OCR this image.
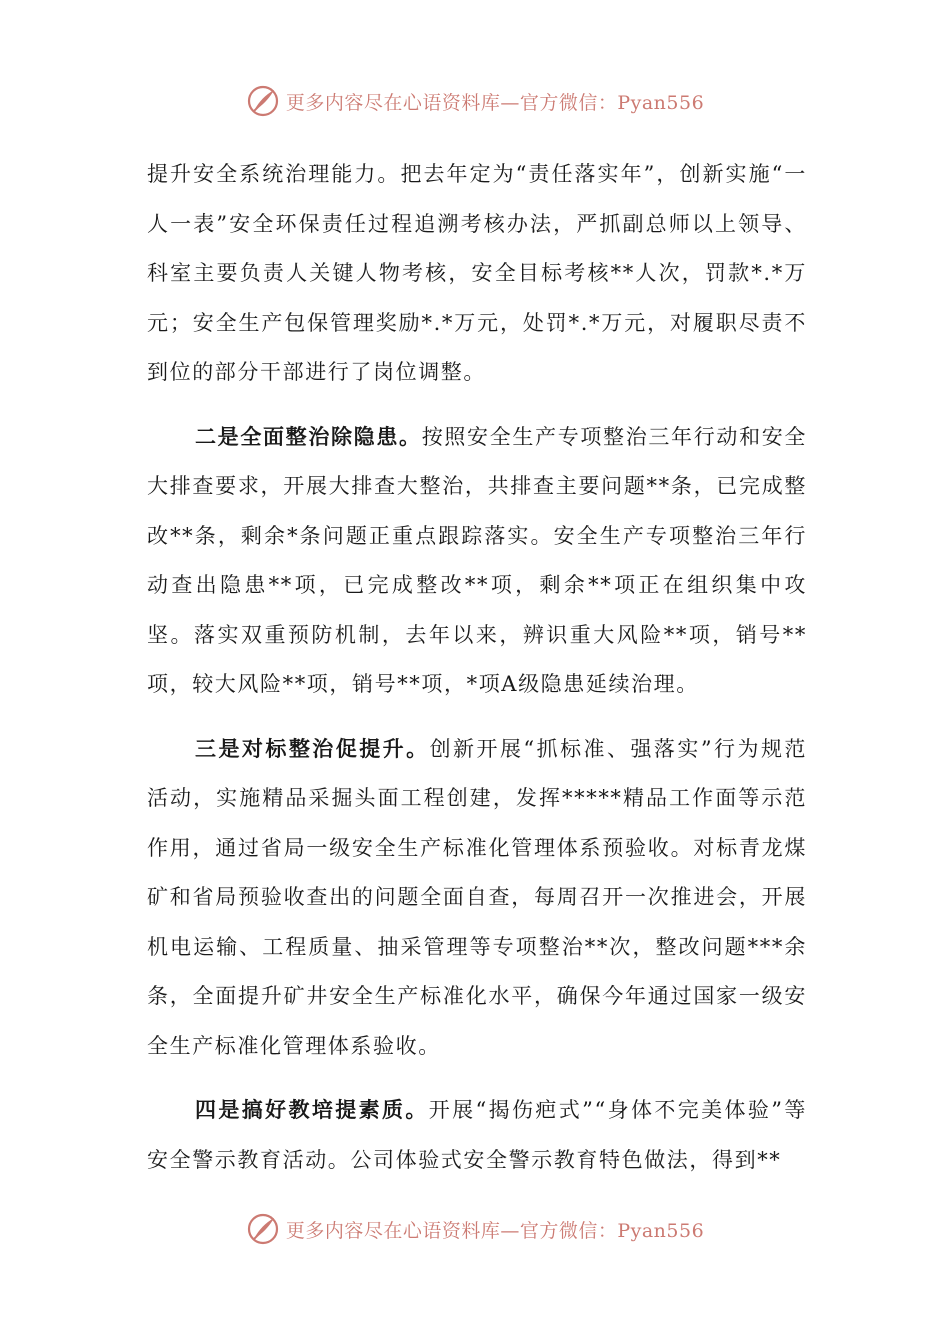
更多内容尽在心语资料库—官方微信：Pyan556

提升安全系统治理能力。把去年定为“责任落实年”，创新实施“一人一表”安全环保责任过程追溯考核办法，严抓副总师以上领导、科室主要负责人关键人物考核，安全目标考核**人次，罚款*.*万元；安全生产包保管理奖励*.*万元，处罚*.*万元，对履职尽责不到位的部分干部进行了岗位调整。

二是全面整治除隐患。按照安全生产专项整治三年行动和安全大排查要求，开展大排查大整治，共排查主要问题**条，已完成整改**条，剩余*条问题正重点跟踪落实。安全生产专项整治三年行动查出隐患**项，已完成整改**项，剩余**项正在组织集中攻坚。落实双重预防机制，去年以来，辨识重大风险**项，销号**项，较大风险**项，销号**项，*项A级隐患延续治理。

三是对标整治促提升。创新开展“抓标准、强落实”行为规范活动，实施精品采掘头面工程创建，发挥*****精品工作面等示范作用，通过省局一级安全生产标准化管理体系预验收。对标青龙煤矿和省局预验收查出的问题全面自查，每周召开一次推进会，开展机电运输、工程质量、抽采管理等专项整治**次，整改问题***余条，全面提升矿井安全生产标准化水平，确保今年通过国家一级安全生产标准化管理体系验收。

四是搞好教培提素质。开展“揭伤疤式”“身体不完美体验”等安全警示教育活动。公司体验式安全警示教育特色做法，得到**

更多内容尽在心语资料库—官方微信：Pyan556
